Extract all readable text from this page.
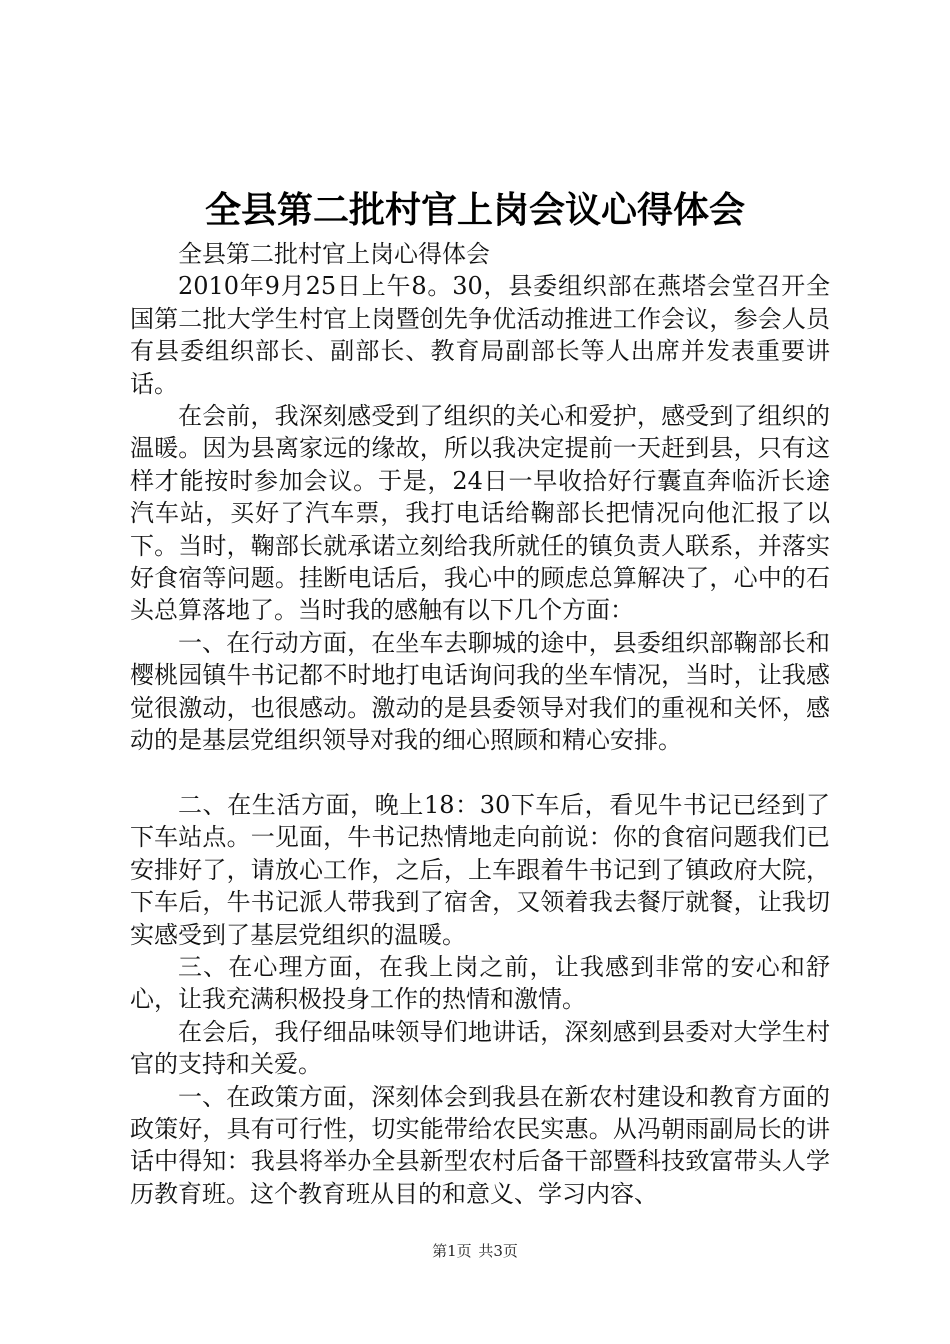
全县第二批村官上岗会议心得体会

全县第二批村官上岗心得体会

2010年9月25日上午8。30，县委组织部在燕塔会堂召开全国第二批大学生村官上岗暨创先争优活动推进工作会议，参会人员有县委组织部长、副部长、教育局副部长等人出席并发表重要讲话。

在会前，我深刻感受到了组织的关心和爱护，感受到了组织的温暖。因为县离家远的缘故，所以我决定提前一天赶到县，只有这样才能按时参加会议。于是，24日一早收拾好行囊直奔临沂长途汽车站，买好了汽车票，我打电话给鞠部长把情况向他汇报了以下。当时，鞠部长就承诺立刻给我所就任的镇负责人联系，并落实好食宿等问题。挂断电话后，我心中的顾虑总算解决了，心中的石头总算落地了。当时我的感触有以下几个方面：

一、在行动方面，在坐车去聊城的途中，县委组织部鞠部长和樱桃园镇牛书记都不时地打电话询问我的坐车情况，当时，让我感觉很激动，也很感动。激动的是县委领导对我们的重视和关怀，感动的是基层党组织领导对我的细心照顾和精心安排。

二、在生活方面，晚上18：30下车后，看见牛书记已经到了下车站点。一见面，牛书记热情地走向前说：你的食宿问题我们已安排好了，请放心工作，之后，上车跟着牛书记到了镇政府大院，下车后，牛书记派人带我到了宿舍，又领着我去餐厅就餐，让我切实感受到了基层党组织的温暖。

三、在心理方面，在我上岗之前，让我感到非常的安心和舒心，让我充满积极投身工作的热情和激情。

在会后，我仔细品味领导们地讲话，深刻感到县委对大学生村官的支持和关爱。

一、在政策方面，深刻体会到我县在新农村建设和教育方面的政策好，具有可行性，切实能带给农民实惠。从冯朝雨副局长的讲话中得知：我县将举办全县新型农村后备干部暨科技致富带头人学历教育班。这个教育班从目的和意义、学习内容、

第1页 共3页
